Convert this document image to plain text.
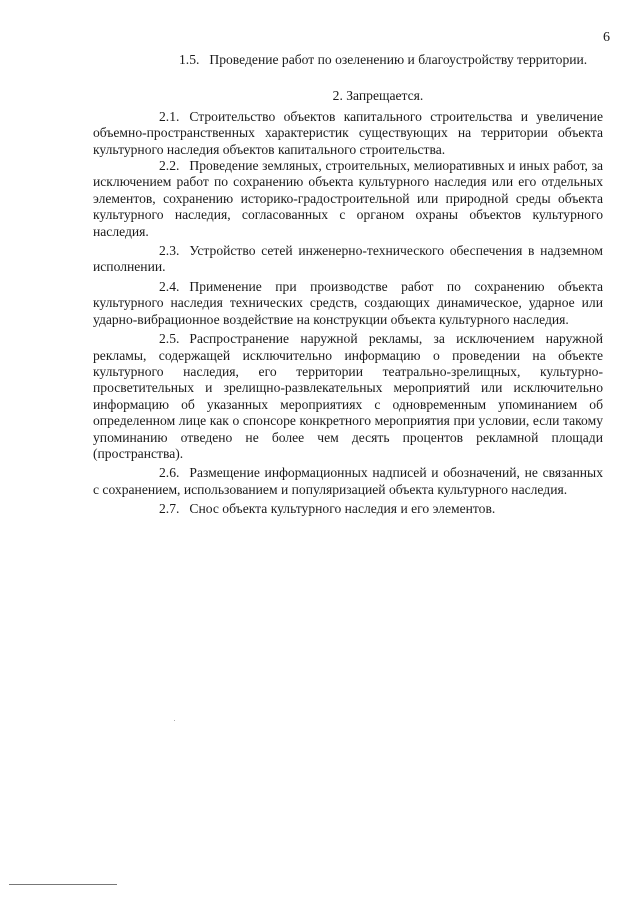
6

1.5. Проведение работ по озеленению и благоустройству территории.

2. Запрещается.

2.1. Строительство объектов капитального строительства и увеличение объемно-пространственных характеристик существующих на территории объекта культурного наследия объектов капитального строительства.

2.2. Проведение земляных, строительных, мелиоративных и иных работ, за исключением работ по сохранению объекта культурного наследия или его отдельных элементов, сохранению историко-градостроительной или природной среды объекта культурного наследия, согласованных с органом охраны объектов культурного наследия.

2.3. Устройство сетей инженерно-технического обеспечения в надземном исполнении.

2.4. Применение при производстве работ по сохранению объекта культурного наследия технических средств, создающих динамическое, ударное или ударно-вибрационное воздействие на конструкции объекта культурного наследия.

2.5. Распространение наружной рекламы, за исключением наружной рекламы, содержащей исключительно информацию о проведении на объекте культурного наследия, его территории театрально-зрелищных, культурно-просветительных и зрелищно-развлекательных мероприятий или исключительно информацию об указанных мероприятиях с одновременным упоминанием об определенном лице как о спонсоре конкретного мероприятия при условии, если такому упоминанию отведено не более чем десять процентов рекламной площади (пространства).

2.6. Размещение информационных надписей и обозначений, не связанных с сохранением, использованием и популяризацией объекта культурного наследия.

2.7. Снос объекта культурного наследия и его элементов.
